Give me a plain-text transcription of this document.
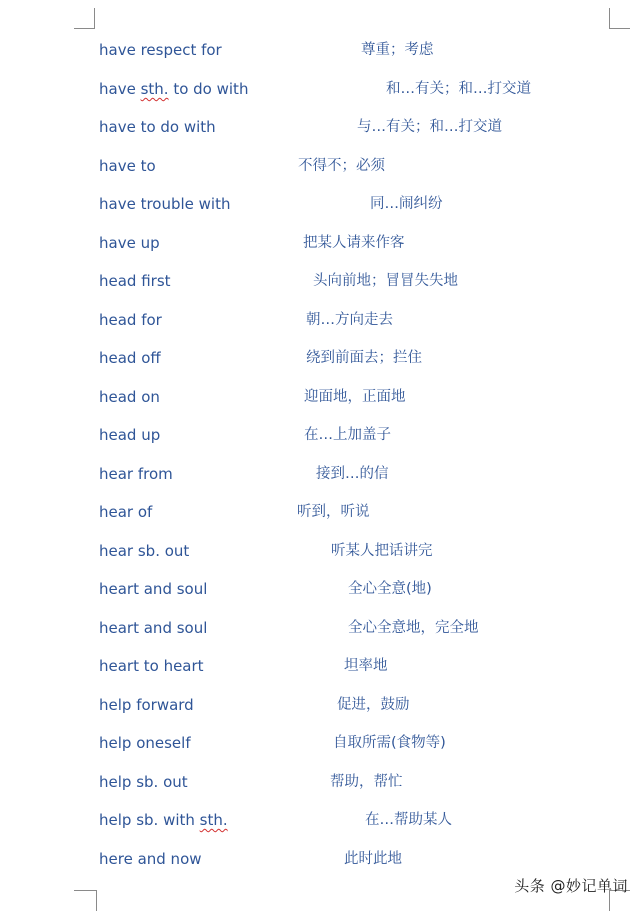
have respect for	尊重；考虑
have sth. to do with	和…有关；和…打交道
have to do with	与…有关；和…打交道
have to	不得不；必须
have trouble with	同…闹纠纷
have up	把某人请来作客
head first	头向前地；冒冒失失地
head for	朝…方向走去
head off	绕到前面去；拦住
head on	迎面地，正面地
head up	在…上加盖子
hear from	接到…的信
hear of	听到，听说
hear sb. out	听某人把话讲完
heart and soul	全心全意(地)
heart and soul	全心全意地，完全地
heart to heart	坦率地
help forward	促进，鼓励
help oneself	自取所需(食物等)
help sb. out	帮助，帮忙
help sb. with sth.	在…帮助某人
here and now	此时此地
头条 @妙记单词
